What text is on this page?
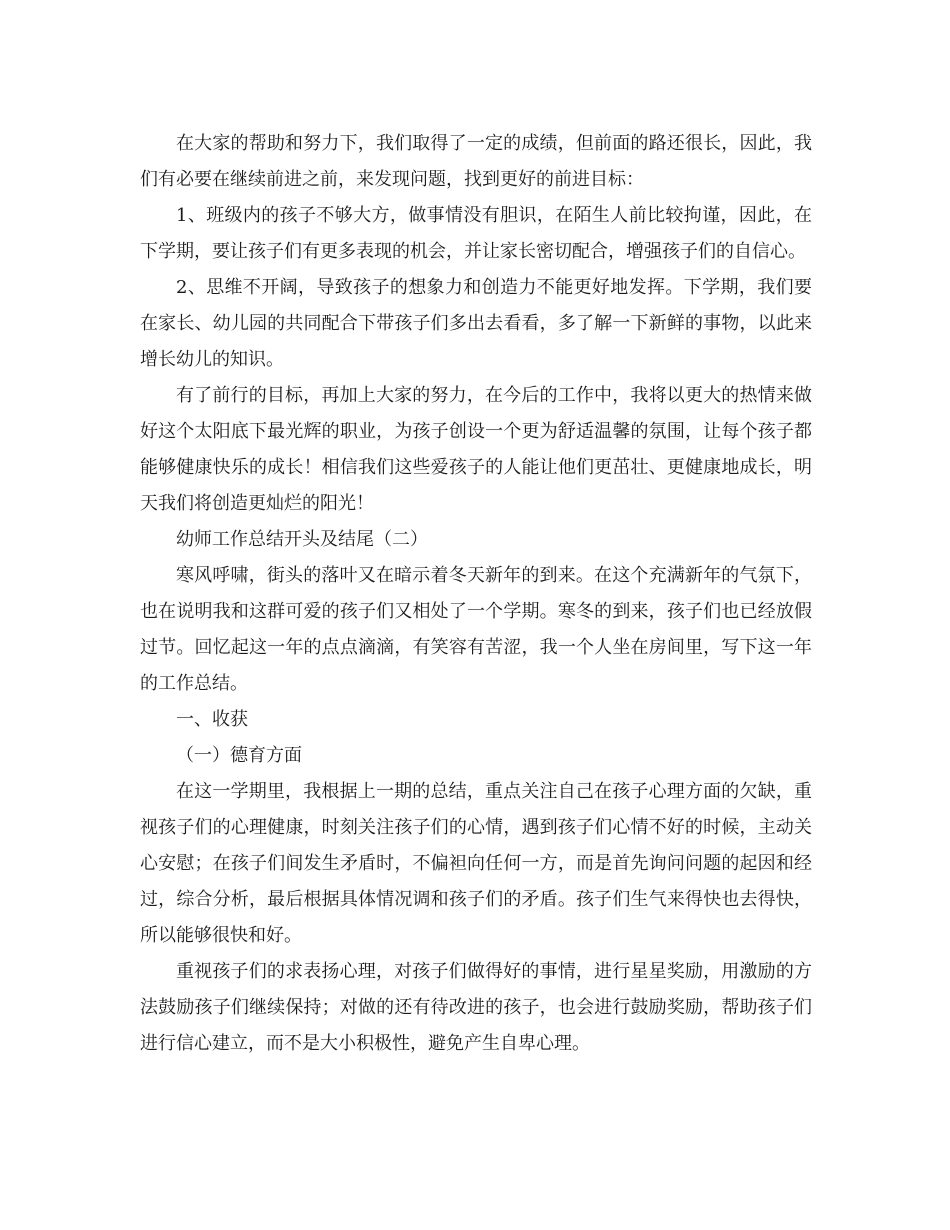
在大家的帮助和努力下，我们取得了一定的成绩，但前面的路还很长，因此，我们有必要在继续前进之前，来发现问题，找到更好的前进目标：

1、班级内的孩子不够大方，做事情没有胆识，在陌生人前比较拘谨，因此，在下学期，要让孩子们有更多表现的机会，并让家长密切配合，增强孩子们的自信心。

2、思维不开阔，导致孩子的想象力和创造力不能更好地发挥。下学期，我们要在家长、幼儿园的共同配合下带孩子们多出去看看，多了解一下新鲜的事物，以此来增长幼儿的知识。

有了前行的目标，再加上大家的努力，在今后的工作中，我将以更大的热情来做好这个太阳底下最光辉的职业，为孩子创设一个更为舒适温馨的氛围，让每个孩子都能够健康快乐的成长！相信我们这些爱孩子的人能让他们更茁壮、更健康地成长，明天我们将创造更灿烂的阳光！

幼师工作总结开头及结尾（二）

寒风呼啸，街头的落叶又在暗示着冬天新年的到来。在这个充满新年的气氛下，也在说明我和这群可爱的孩子们又相处了一个学期。寒冬的到来，孩子们也已经放假过节。回忆起这一年的点点滴滴，有笑容有苦涩，我一个人坐在房间里，写下这一年的工作总结。

一、收获

（一）德育方面

在这一学期里，我根据上一期的总结，重点关注自己在孩子心理方面的欠缺，重视孩子们的心理健康，时刻关注孩子们的心情，遇到孩子们心情不好的时候，主动关心安慰；在孩子们间发生矛盾时，不偏袒向任何一方，而是首先询问问题的起因和经过，综合分析，最后根据具体情况调和孩子们的矛盾。孩子们生气来得快也去得快，所以能够很快和好。

重视孩子们的求表扬心理，对孩子们做得好的事情，进行星星奖励，用激励的方法鼓励孩子们继续保持；对做的还有待改进的孩子，也会进行鼓励奖励，帮助孩子们进行信心建立，而不是大小积极性，避免产生自卑心理。
